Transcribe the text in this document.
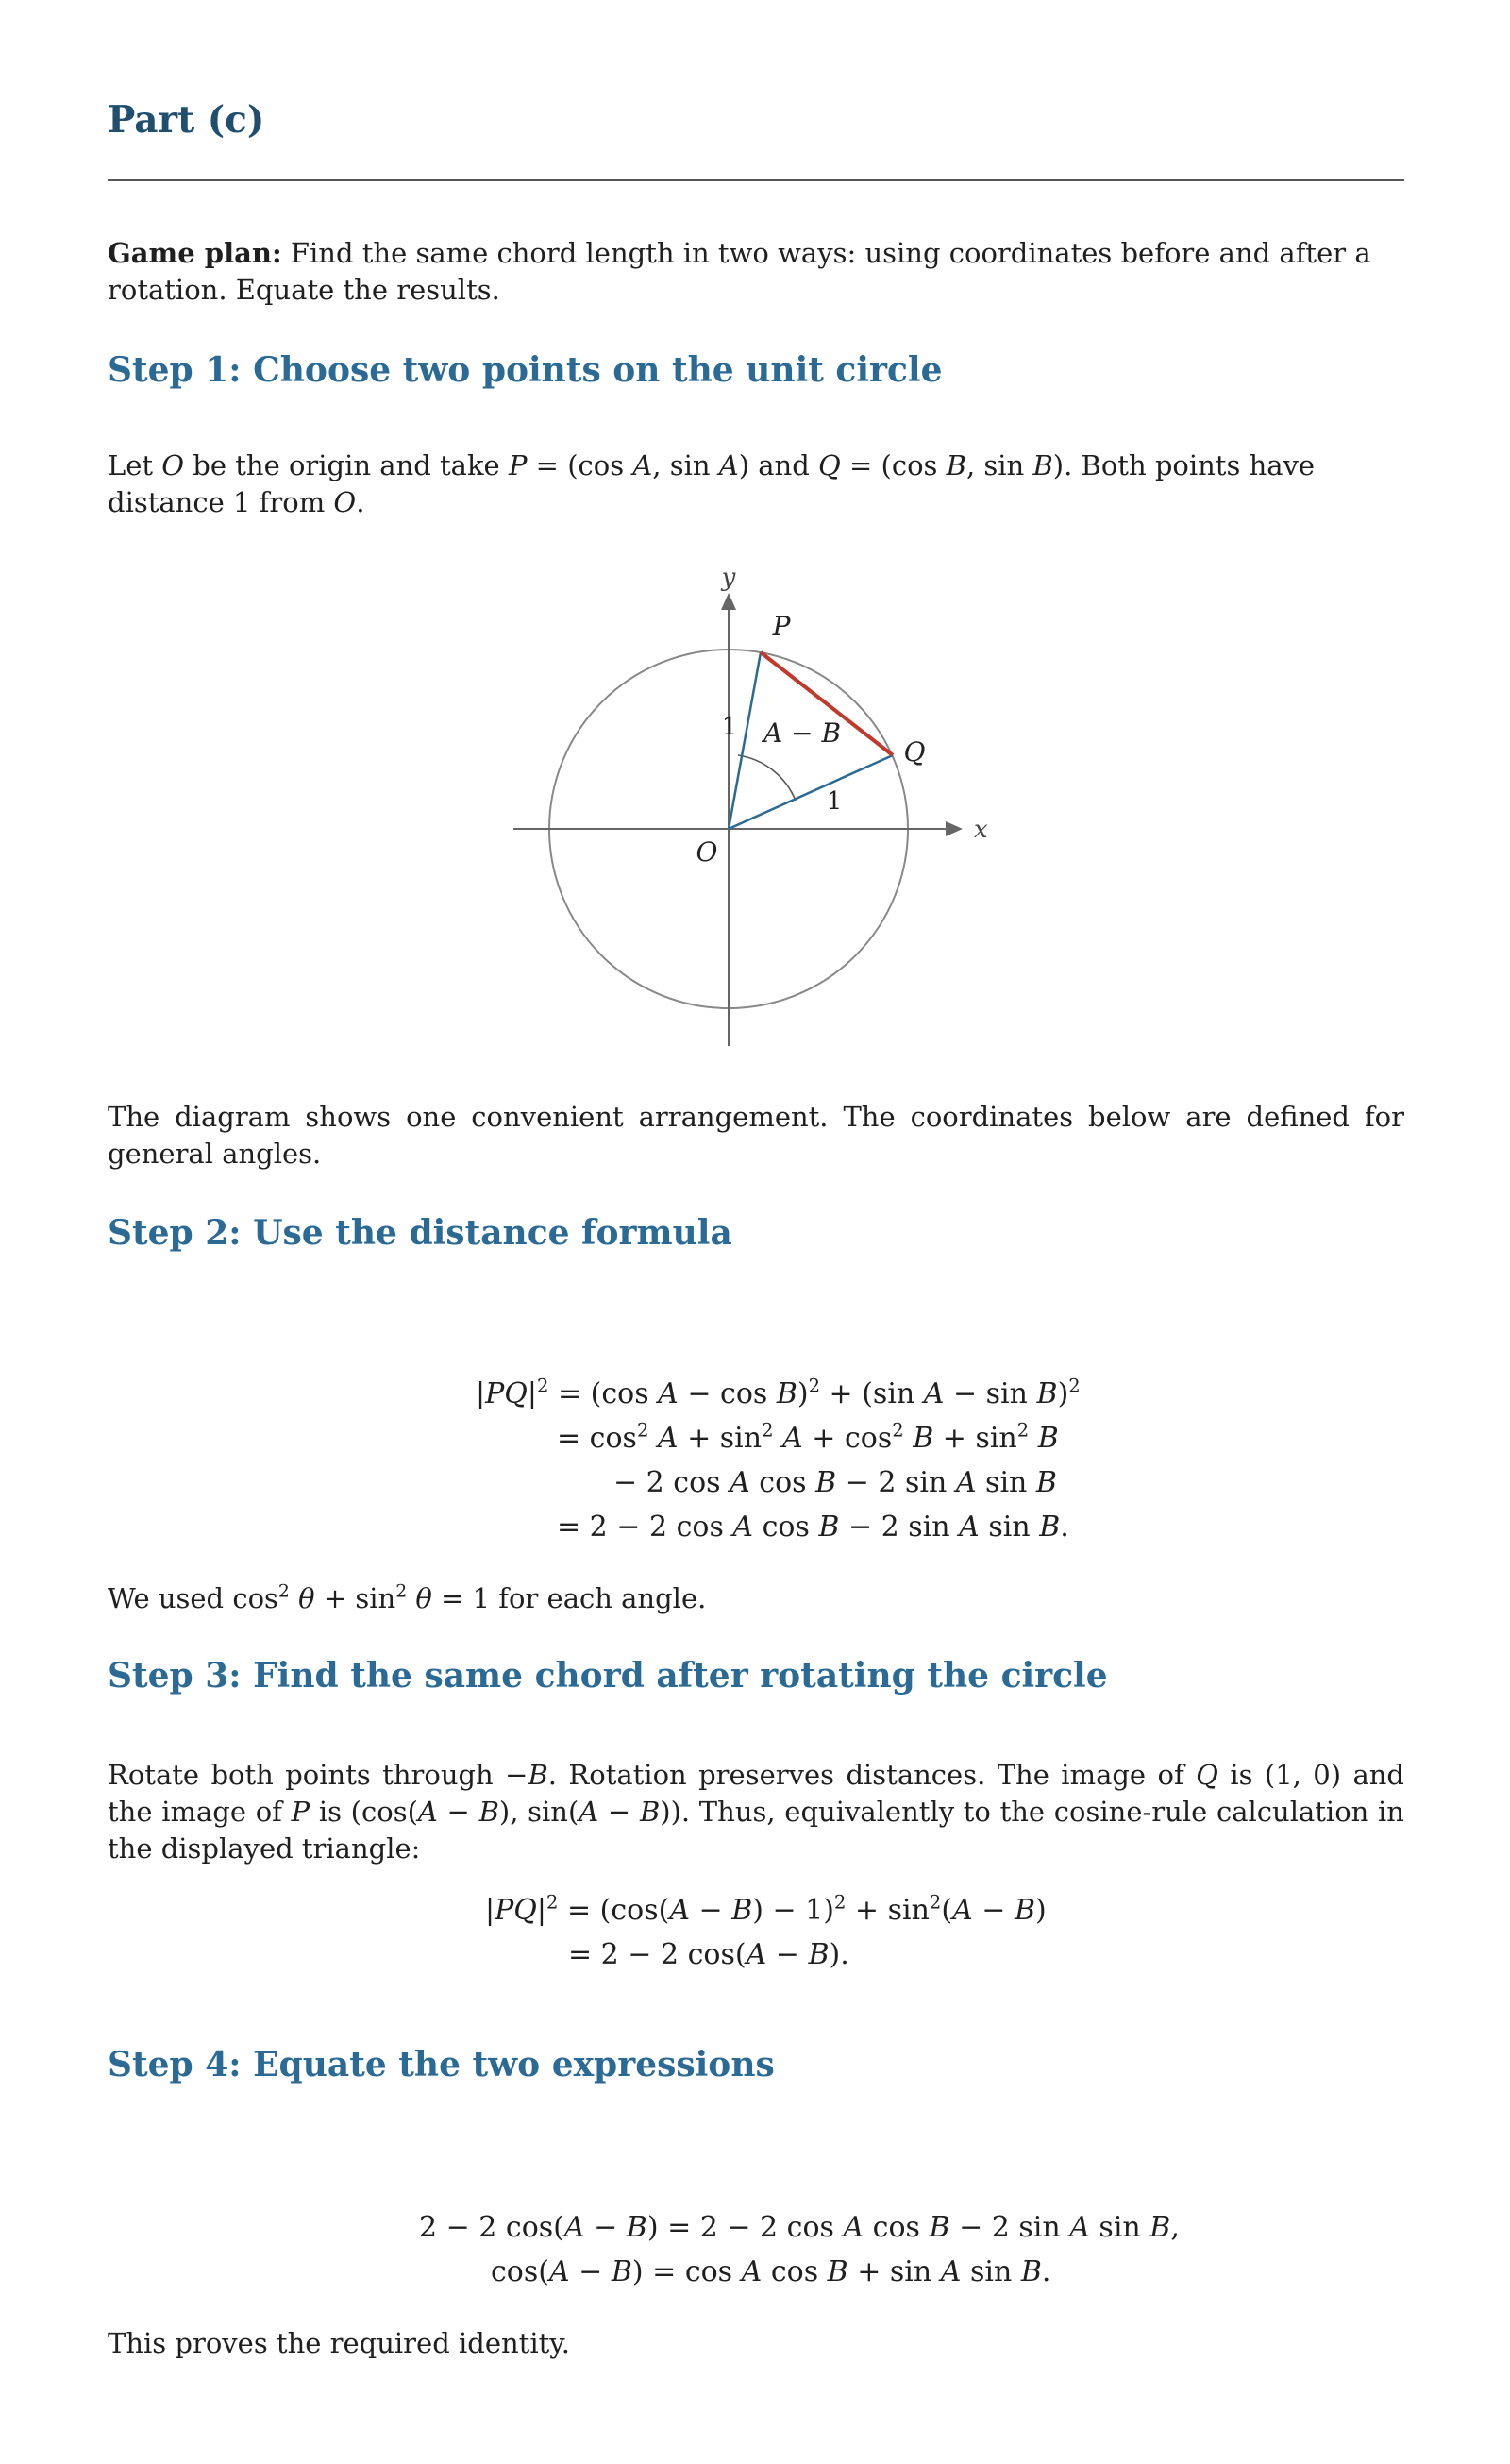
Part (c)
Game plan: Find the same chord length in two ways: using coordinates before and after a rotation. Equate the results.
Step 1: Choose two points on the unit circle
Let O be the origin and take P = (cos A, sin A) and Q = (cos B, sin B). Both points have distance 1 from O.
y
x
P
Q
O
1
1
A − B
The diagram shows one convenient arrangement. The coordinates below are defined for general angles.
Step 2: Use the distance formula
$|PQ|^2 = (\cos$ A − cos B)$^2$ + (sin A − sin B)$^2$
= $\cos^2 A + \sin^2 A + \cos^2 B + \sin^2 B$
− 2 cos A cos B − 2 sin A sin B
= 2 − 2 cos A cos B − 2 sin A sin B.
We used $\cos^2 \theta + \sin^2 \theta = 1$ for each angle.
Step 3: Find the same chord after rotating the circle
Rotate both points through −B. Rotation preserves distances. The image of Q is (1, 0) and the image of P is (cos(A − B), sin(A − B)). Thus, equivalently to the cosine-rule calculation in the displayed triangle:
$|PQ|^2 = (\cos(A - B) - 1)^2 + \sin^2(A - B)$
= 2 − 2 cos(A − B).
Step 4: Equate the two expressions
2 − 2 cos(A − B) = 2 − 2 cos A cos B − 2 sin A sin B,
cos(A − B) = cos A cos B + sin A sin B.
This proves the required identity.
